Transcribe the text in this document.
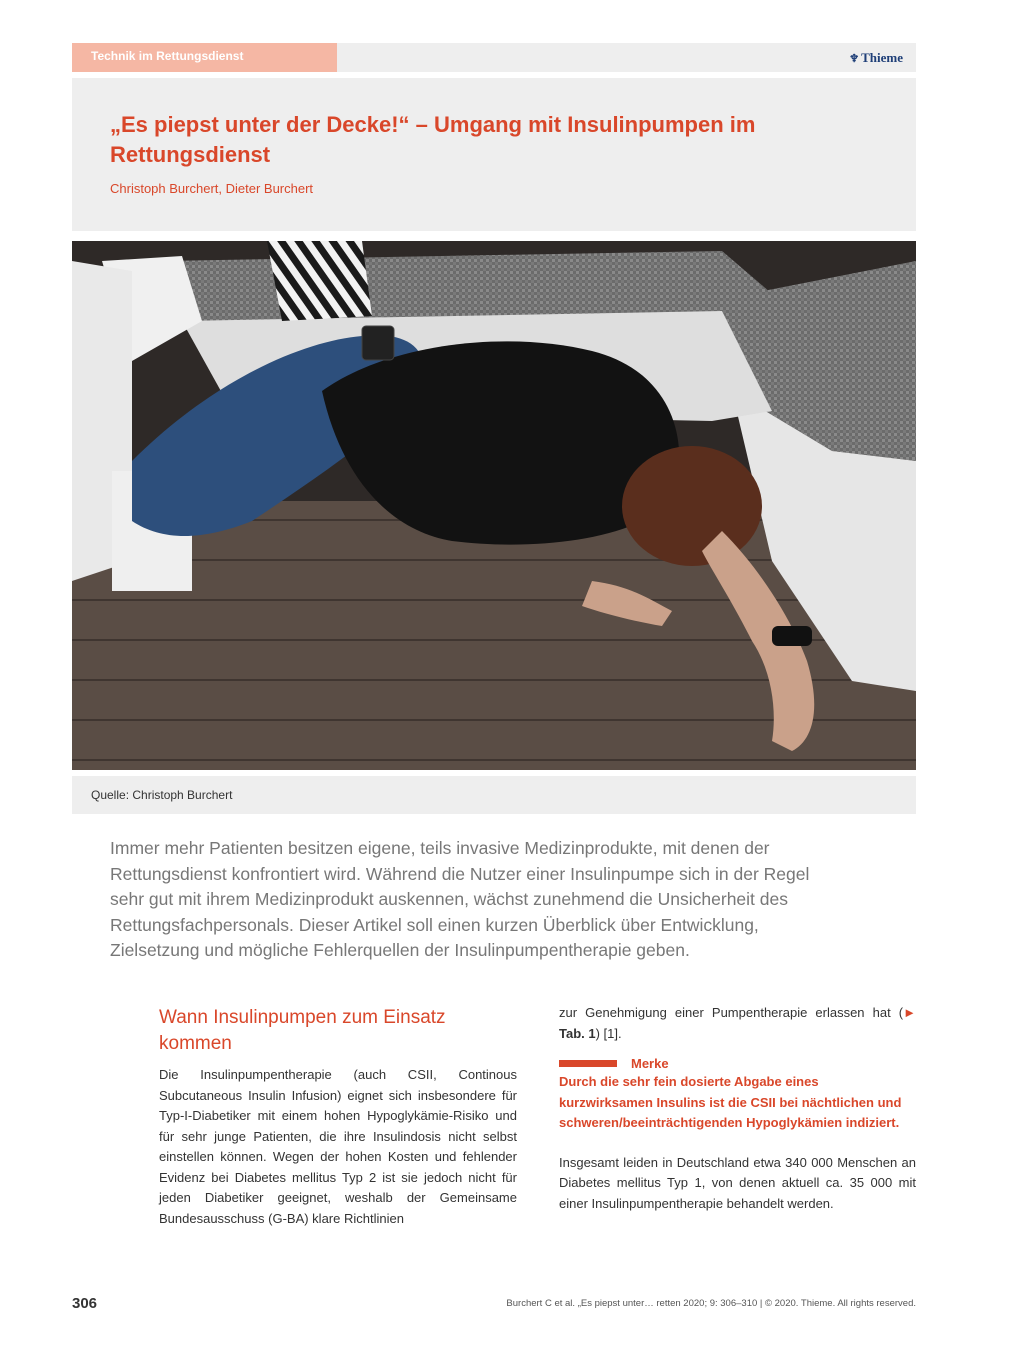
Technik im Rettungsdienst	♆ Thieme
„Es piepst unter der Decke!“ – Umgang mit Insulinpumpen im Rettungsdienst
Christoph Burchert, Dieter Burchert
Quelle: Christoph Burchert

Immer mehr Patienten besitzen eigene, teils invasive Medizinprodukte, mit denen der Rettungsdienst konfrontiert wird. Während die Nutzer einer Insulinpumpe sich in der Regel sehr gut mit ihrem Medizinprodukt auskennen, wächst zunehmend die Unsicherheit des Rettungsfachpersonals. Dieser Artikel soll einen kurzen Überblick über Entwicklung, Zielsetzung und mögliche Fehlerquellen der Insulinpumpentherapie geben.

Wann Insulinpumpen zum Einsatz kommen

Die Insulinpumpentherapie (auch CSII, Continous Subcutaneous Insulin Infusion) eignet sich insbesondere für Typ-I-Diabetiker mit einem hohen Hypoglykämie-Risiko und für sehr junge Patienten, die ihre Insulindosis nicht selbst einstellen können. Wegen der hohen Kosten und fehlender Evidenz bei Diabetes mellitus Typ 2 ist sie jedoch nicht für jeden Diabetiker geeignet, weshalb der Gemeinsame Bundesausschuss (G-BA) klare Richtlinien

zur Genehmigung einer Pumpentherapie erlassen hat (► Tab. 1) [1].

Merke

Durch die sehr fein dosierte Abgabe eines kurzwirksamen Insulins ist die CSII bei nächtlichen und schweren/beeinträchtigenden Hypoglykämien indiziert.

Insgesamt leiden in Deutschland etwa 340 000 Menschen an Diabetes mellitus Typ 1, von denen aktuell ca. 35 000 mit einer Insulinpumpentherapie behandelt werden.

306	Burchert C et al. „Es piepst unter… retten 2020; 9: 306–310 | © 2020. Thieme. All rights reserved.
